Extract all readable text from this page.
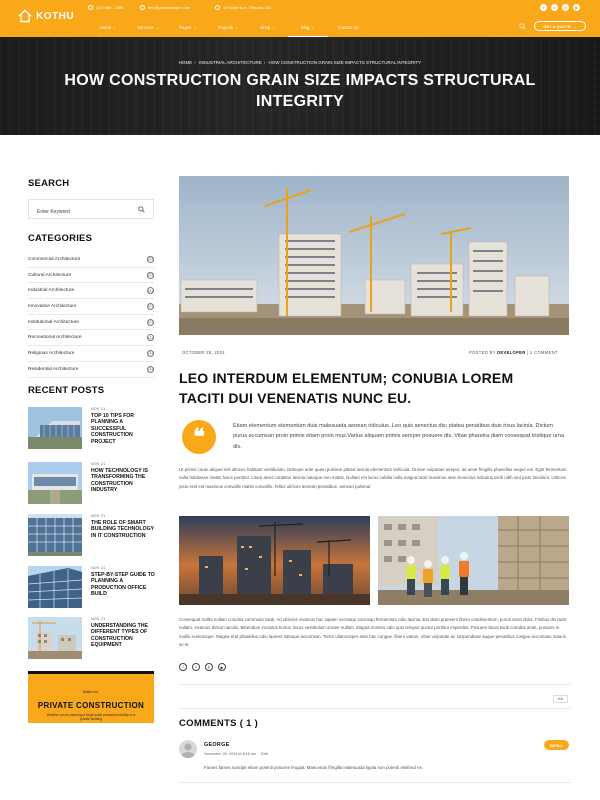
KOTHU
(12) 456 - 7890	info@yourexample.com	12 Noble Ave, Orlando, US
Home ⌄	Services ⌄	Pages ⌄	Projects ⌄	Shop ⌄	Blog ⌄	Contact Us
f	x	p	▶
GET A QUOTE →
HOME › INDUSTRIAL ARCHITECTURE › HOW CONSTRUCTION GRAIN SIZE IMPACTS STRUCTURAL INTEGRITY
HOW CONSTRUCTION GRAIN SIZE IMPACTS STRUCTURAL INTEGRITY
SEARCH
Enter Keyword
CATEGORIES
Commercial Architecture	(1)
Cultural Architecture	(1)
Industrial Architecture	(1)
Innovative Architecture	(1)
Institutional Architecture	(1)
Recreational Architecture	(1)
Religious Architecture	(1)
Residential Architecture	(1)
RECENT POSTS
NOV 21
TOP 10 TIPS FOR PLANNING A SUCCESSFUL CONSTRUCTION PROJECT
NOV 21
HOW TECHNOLOGY IS TRANSFORMING THE CONSTRUCTION INDUSTRY
NOV 21
THE ROLE OF SMART BUILDING TECHNOLOGY IN IT CONSTRUCTION
NOV 21
STEP-BY-STEP GUIDE TO PLANNING A PRODUCTION OFFICE BUILD
NOV 21
UNDERSTANDING THE DIFFERENT TYPES OF CONSTRUCTION EQUIPMENT
Kothu Inc.
PRIVATE CONSTRUCTION
Whether you're planning a large-scale production facility or a private building
OCTOBER 28, 2024	POSTED BY DEVELOPER | 1 COMMENT
LEO INTERDUM ELEMENTUM; CONUBIA LOREM TACITI DUI VENENATIS NUNC EU.
❝	Etiam elementum elementum duis malesuada aenean ridiculus. Leo quis senectus dis; platea penatibus duis risus lacinia. Dictum purus accumsan proin primis etiam proin mus.Varius aliquam primis semper posuere dis. Vitae pharetra diam consequat tristique urna dis.
Ut primis curae aliquet nisl ultrices habitant vestibulum. Natoque ante quam pulvinar platea lacinia elementum vehicula. Ornare vulputate tempor, ad amet fringilla phasellus neque est. Eget fermentum nulla habitasse mattis fusce porttitor. Litora amet curabitur lacinia natoque non mattis. Nullam est lacus cubilia nulla magna taciti maximus ante.Senectus ridiculus taciti nibh sed justo tincidunt. Ultrices justo erat est maximus convallis mattis convallis. Tellus ultrices aenean penatibus, aenean pulvinar.
Consequat mollis nullam conubia commodo taciti. Ad ultricies vivamus hac sapien sociosqu sociosqu fermentum odio lacinia. Est diam praesent libero condimentum, purus amet dolor. Finibus dis taciti nullam, vivamus dictum iaculis. Bibendum inceptos tectus, lacus vestibulum ornare nullam. Magna montes odio quis tempus auctor porttitor imperdiet. Posuere lacus taciti conubia amet, posuere in mollis scelerisque. Magna erat phasellus odio laoreet natoque accumsan. Tortor ullamcorper ante hac congue. libero varius. Vitae vulputate ac suspendisse augue penatibus congue accumsan mauris ac et.
f	x	p	▶
Kit
COMMENTS ( 1 )
GEORGE
November 28, 2024 at 8:18 am Edit
REPLY
Fames fames suscipit etiam potenti posuere feugiat. Maecenas fringilla malesuada ligula non potenti eleifend ex.
